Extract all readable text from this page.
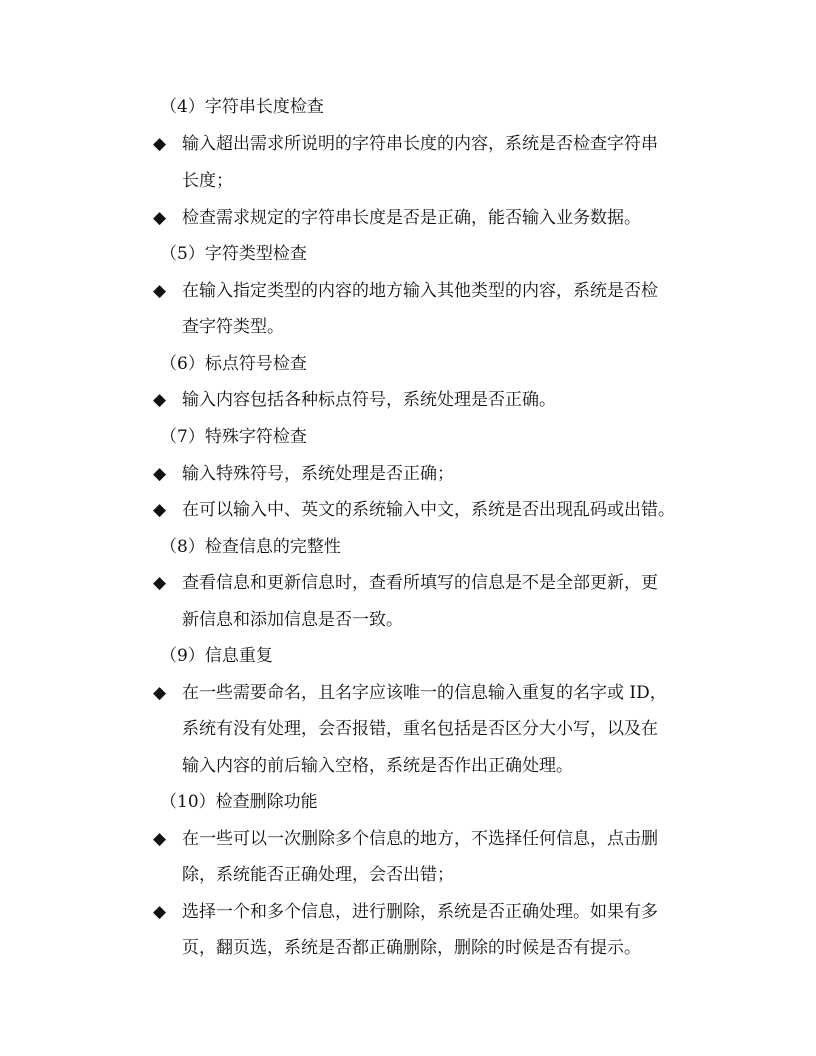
（4）字符串长度检查
◆ 输入超出需求所说明的字符串长度的内容，系统是否检查字符串
长度；
◆ 检查需求规定的字符串长度是否是正确，能否输入业务数据。
（5）字符类型检查
◆ 在输入指定类型的内容的地方输入其他类型的内容，系统是否检
查字符类型。
（6）标点符号检查
◆ 输入内容包括各种标点符号，系统处理是否正确。
（7）特殊字符检查
◆ 输入特殊符号，系统处理是否正确；
◆ 在可以输入中、英文的系统输入中文，系统是否出现乱码或出错。
（8）检查信息的完整性
◆ 查看信息和更新信息时，查看所填写的信息是不是全部更新，更
新信息和添加信息是否一致。
（9）信息重复
◆ 在一些需要命名，且名字应该唯一的信息输入重复的名字或 ID，
系统有没有处理，会否报错，重名包括是否区分大小写，以及在
输入内容的前后输入空格，系统是否作出正确处理。
（10）检查删除功能
◆ 在一些可以一次删除多个信息的地方，不选择任何信息，点击删
除，系统能否正确处理，会否出错；
◆ 选择一个和多个信息，进行删除，系统是否正确处理。如果有多
页，翻页选，系统是否都正确删除，删除的时候是否有提示。
